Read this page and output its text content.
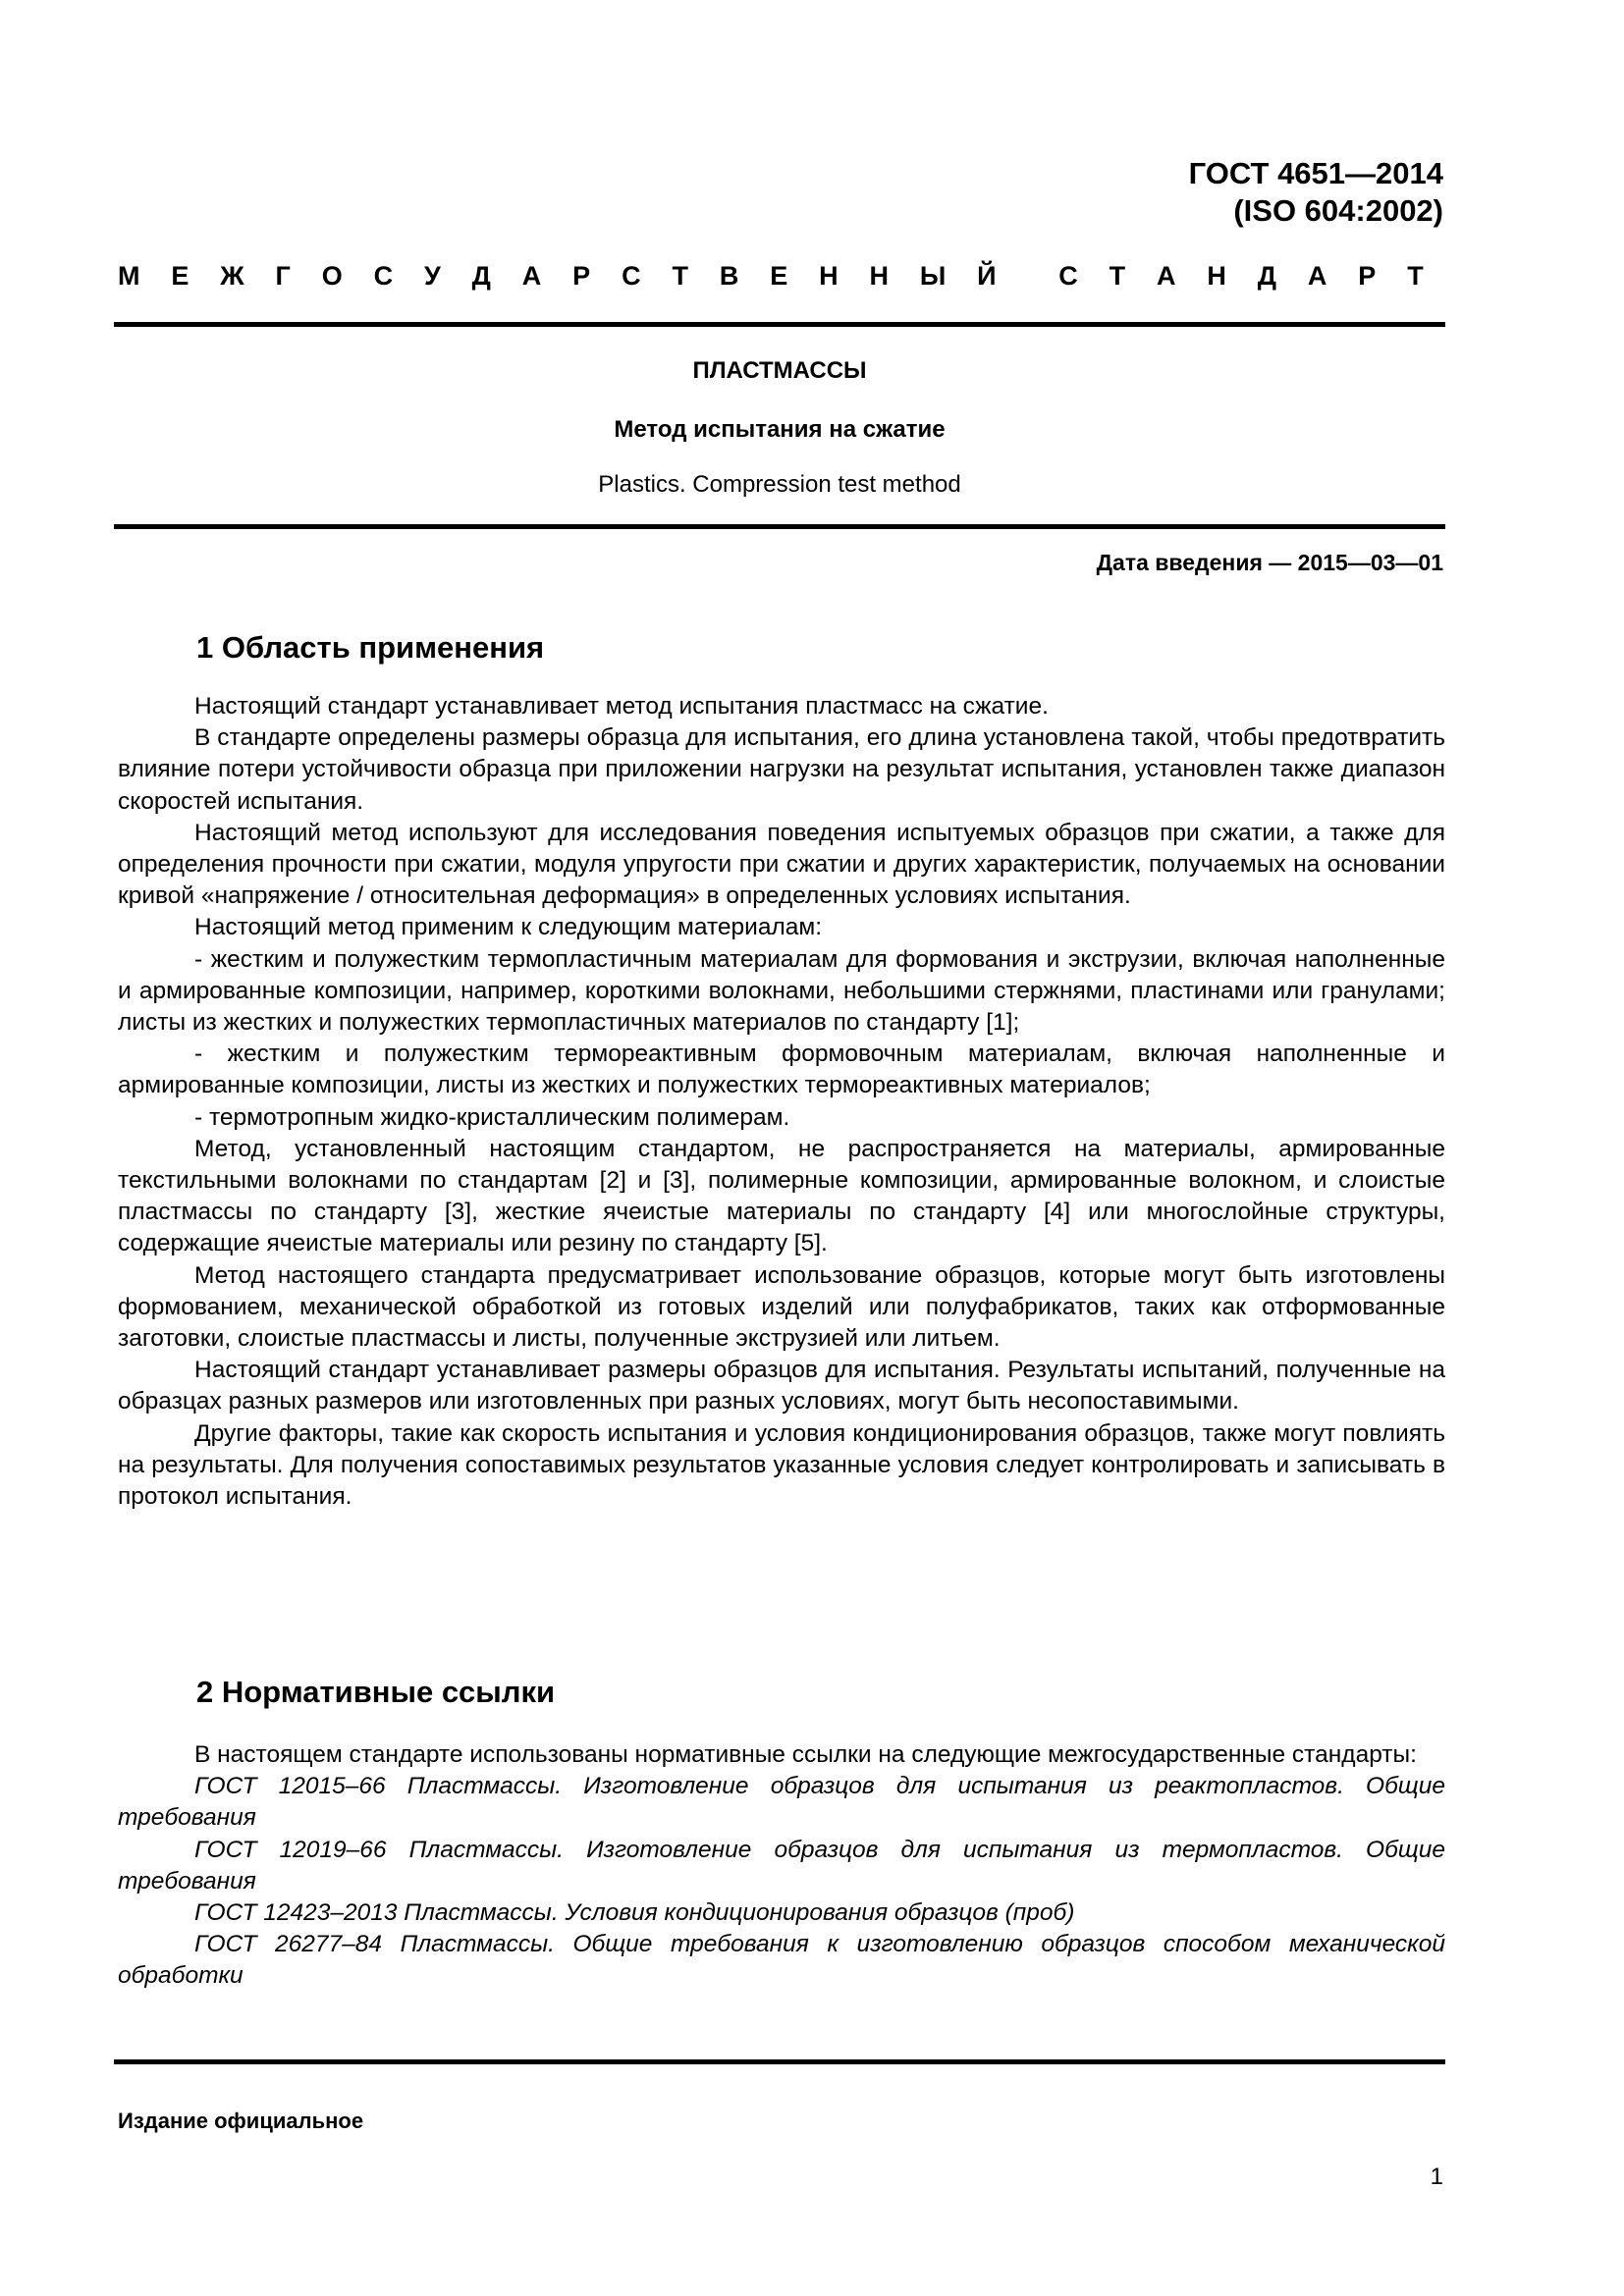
ГОСТ 4651—2014
(ISO 604:2002)
М Е Ж Г О С У Д А Р С Т В Е Н Н Ы Й С Т А Н Д А Р Т
ПЛАСТМАССЫ
Метод испытания на сжатие
Plastics. Compression test method
Дата введения — 2015—03—01
1 Область применения

Настоящий стандарт устанавливает метод испытания пластмасс на сжатие.

В стандарте определены размеры образца для испытания, его длина установлена такой, чтобы предотвратить влияние потери устойчивости образца при приложении нагрузки на результат испытания, установлен также диапазон скоростей испытания.

Настоящий метод используют для исследования поведения испытуемых образцов при сжатии, а также для определения прочности при сжатии, модуля упругости при сжатии и других характеристик, получаемых на основании кривой «напряжение / относительная деформация» в определенных условиях испытания.

Настоящий метод применим к следующим материалам:

- жестким и полужестким термопластичным материалам для формования и экструзии, включая наполненные и армированные композиции, например, короткими волокнами, небольшими стержнями, пластинами или гранулами; листы из жестких и полужестких термопластичных материалов по стандарту [1];

- жестким и полужестким термореактивным формовочным материалам, включая наполненные и армированные композиции, листы из жестких и полужестких термореактивных материалов;

- термотропным жидко-кристаллическим полимерам.

Метод, установленный настоящим стандартом, не распространяется на материалы, армированные текстильными волокнами по стандартам [2] и [3], полимерные композиции, армированные волокном, и слоистые пластмассы по стандарту [3], жесткие ячеистые материалы по стандарту [4] или многослойные структуры, содержащие ячеистые материалы или резину по стандарту [5].

Метод настоящего стандарта предусматривает использование образцов, которые могут быть изготовлены формованием, механической обработкой из готовых изделий или полуфабрикатов, таких как отформованные заготовки, слоистые пластмассы и листы, полученные экструзией или литьем.

Настоящий стандарт устанавливает размеры образцов для испытания. Результаты испытаний, полученные на образцах разных размеров или изготовленных при разных условиях, могут быть несопоставимыми.

Другие факторы, такие как скорость испытания и условия кондиционирования образцов, также могут повлиять на результаты. Для получения сопоставимых результатов указанные условия следует контролировать и записывать в протокол испытания.

2 Нормативные ссылки

В настоящем стандарте использованы нормативные ссылки на следующие межгосударственные стандарты:

ГОСТ 12015–66 Пластмассы. Изготовление образцов для испытания из реактопластов. Общие требования

ГОСТ 12019–66 Пластмассы. Изготовление образцов для испытания из термопластов. Общие требования

ГОСТ 12423–2013 Пластмассы. Условия кондиционирования образцов (проб)

ГОСТ 26277–84 Пластмассы. Общие требования к изготовлению образцов способом механической обработки

Издание официальное
1
